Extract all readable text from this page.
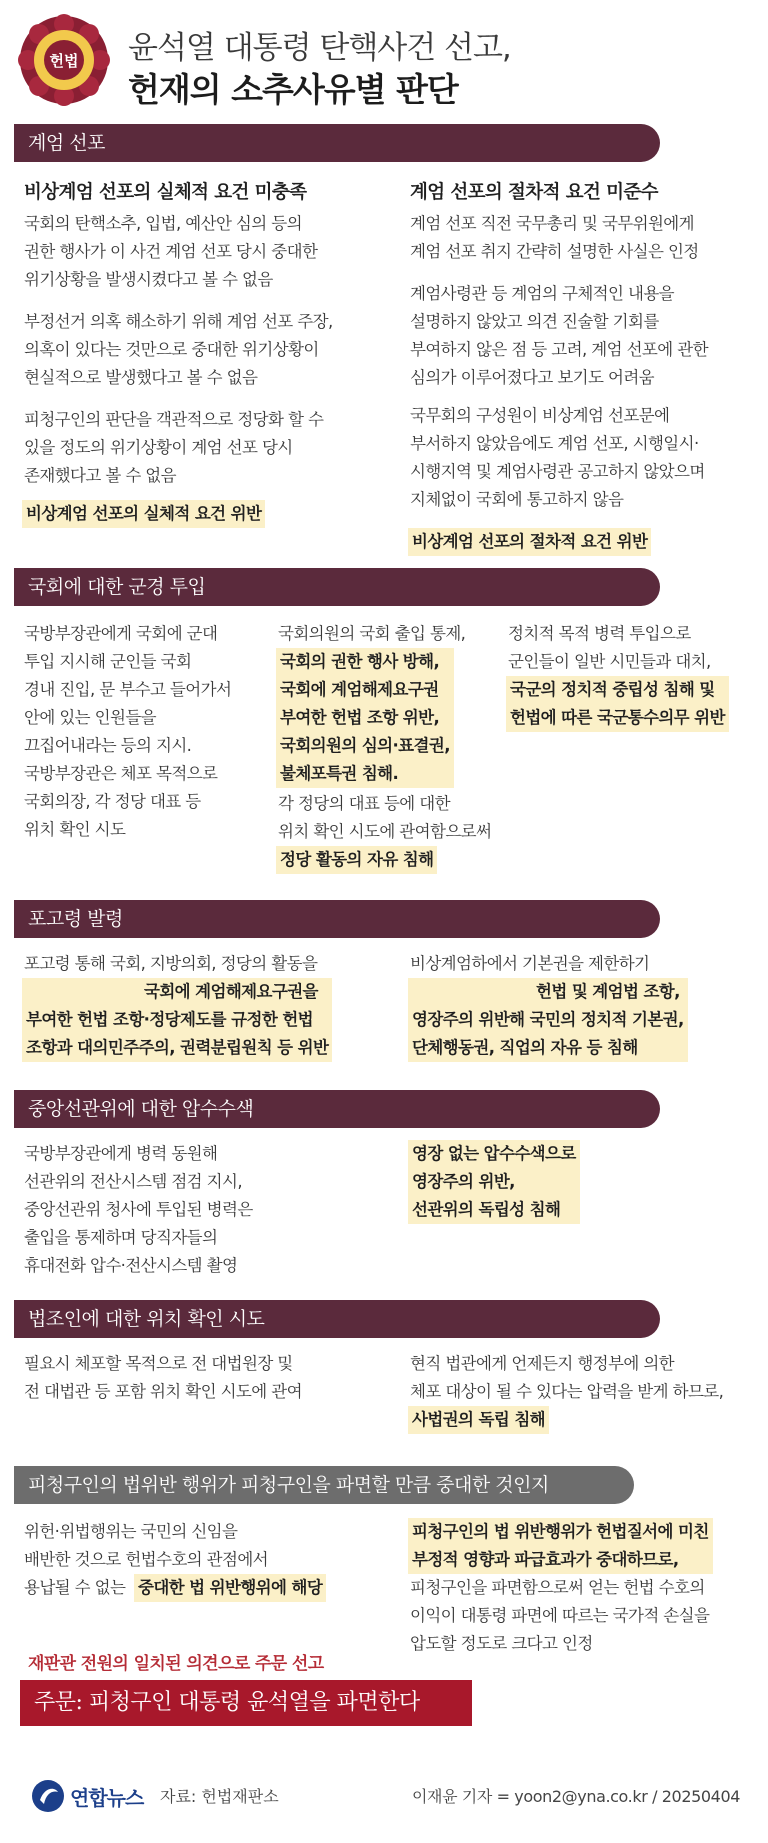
헌법 윤석열 대통령 탄핵사건 선고,
헌재의 소추사유별 판단
계엄 선포
비상계엄 선포의 실체적 요건 미충족
국회의 탄핵소추, 입법, 예산안 심의 등의
권한 행사가 이 사건 계엄 선포 당시 중대한
위기상황을 발생시켰다고 볼 수 없음
부정선거 의혹 해소하기 위해 계엄 선포 주장,
의혹이 있다는 것만으로 중대한 위기상황이
현실적으로 발생했다고 볼 수 없음
피청구인의 판단을 객관적으로 정당화 할 수
있을 정도의 위기상황이 계엄 선포 당시
존재했다고 볼 수 없음
비상계엄 선포의 실체적 요건 위반
계엄 선포의 절차적 요건 미준수
계엄 선포 직전 국무총리 및 국무위원에게
계엄 선포 취지 간략히 설명한 사실은 인정
계엄사령관 등 계엄의 구체적인 내용을
설명하지 않았고 의견 진술할 기회를
부여하지 않은 점 등 고려, 계엄 선포에 관한
심의가 이루어졌다고 보기도 어려움
국무회의 구성원이 비상계엄 선포문에
부서하지 않았음에도 계엄 선포, 시행일시·
시행지역 및 계엄사령관 공고하지 않았으며
지체없이 국회에 통고하지 않음
비상계엄 선포의 절차적 요건 위반
국회에 대한 군경 투입
국방부장관에게 국회에 군대
투입 지시해 군인들 국회
경내 진입, 문 부수고 들어가서
안에 있는 인원들을
끄집어내라는 등의 지시.
국방부장관은 체포 목적으로
국회의장, 각 정당 대표 등
위치 확인 시도
국회의원의 국회 출입 통제,
국회의 권한 행사 방해,
국회에 계엄해제요구권
부여한 헌법 조항 위반,
국회의원의 심의·표결권,
불체포특권 침해.
각 정당의 대표 등에 대한
위치 확인 시도에 관여함으로써
정당 활동의 자유 침해
정치적 목적 병력 투입으로
군인들이 일반 시민들과 대치,
국군의 정치적 중립성 침해 및
헌법에 따른 국군통수의무 위반
포고령 발령
포고령 통해 국회, 지방의회, 정당의 활동을

국회에 계엄해제요구권을
부여한 헌법 조항·정당제도를 규정한 헌법
조항과 대의민주주의, 권력분립원칙 등 위반
비상계엄하에서 기본권을 제한하기

헌법 및 계엄법 조항,
영장주의 위반해 국민의 정치적 기본권,
단체행동권, 직업의 자유 등 침해
중앙선관위에 대한 압수수색
국방부장관에게 병력 동원해
선관위의 전산시스템 점검 지시,
중앙선관위 청사에 투입된 병력은
출입을 통제하며 당직자들의
휴대전화 압수·전산시스템 촬영
영장 없는 압수수색으로
영장주의 위반,
선관위의 독립성 침해
법조인에 대한 위치 확인 시도
필요시 체포할 목적으로 전 대법원장 및
전 대법관 등 포함 위치 확인 시도에 관여
현직 법관에게 언제든지 행정부에 의한
체포 대상이 될 수 있다는 압력을 받게 하므로,
사법권의 독립 침해
피청구인의 법위반 행위가 피청구인을 파면할 만큼 중대한 것인지
위헌·위법행위는 국민의 신임을
배반한 것으로 헌법수호의 관점에서
용납될 수 없는 중대한 법 위반행위에 해당
피청구인의 법 위반행위가 헌법질서에 미친
부정적 영향과 파급효과가 중대하므로,
피청구인을 파면함으로써 얻는 헌법 수호의
이익이 대통령 파면에 따르는 국가적 손실을
압도할 정도로 크다고 인정
재판관 전원의 일치된 의견으로 주문 선고
주문: 피청구인 대통령 윤석열을 파면한다
연합뉴스 자료: 헌법재판소	이재윤 기자 = yoon2@yna.co.kr / 20250404
